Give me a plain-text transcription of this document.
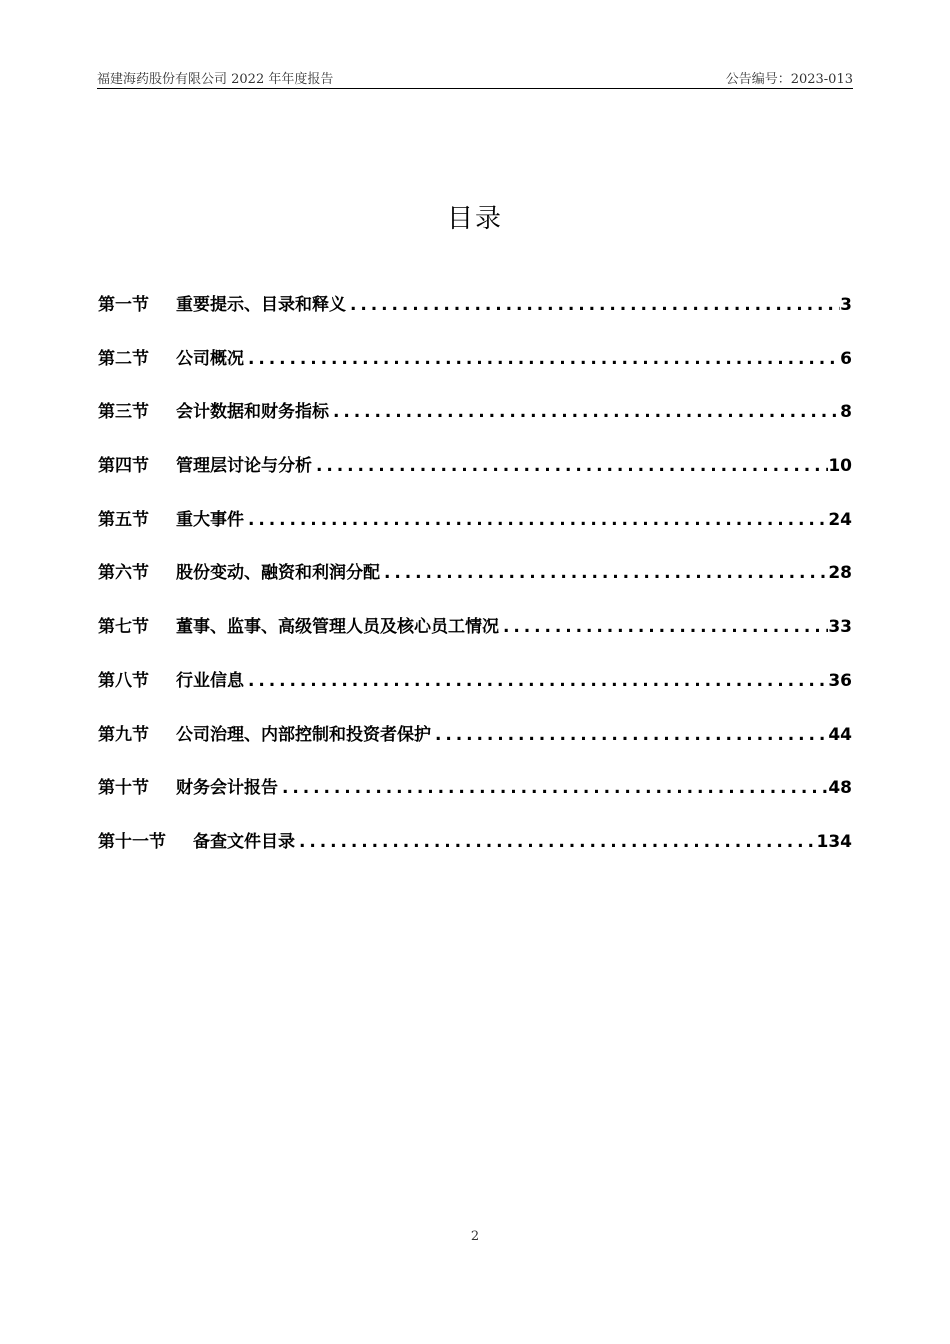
福建海药股份有限公司 2022 年年度报告	公告编号：2023-013
目录
第一节 重要提示、目录和释义 . . .	3
第二节 公司概况 . . .	6
第三节 会计数据和财务指标 . . .	8
第四节 管理层讨论与分析 . . .	10
第五节 重大事件 . . .	24
第六节 股份变动、融资和利润分配 . . .	28
第七节 董事、监事、高级管理人员及核心员工情况 . . .	33
第八节 行业信息 . . .	36
第九节 公司治理、内部控制和投资者保护 . . .	44
第十节 财务会计报告 . . .	48
第十一节 备查文件目录 . . .	134
2
